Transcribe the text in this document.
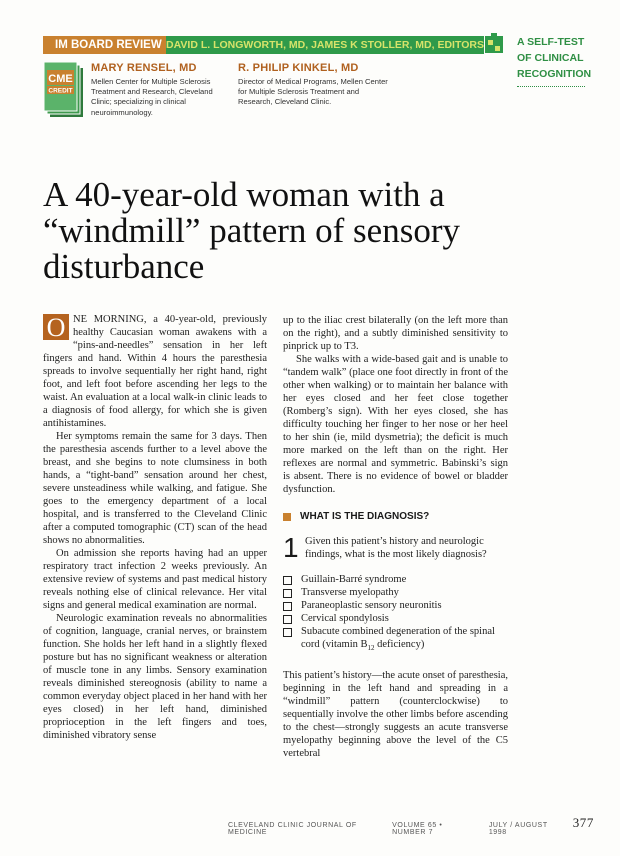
IM BOARD REVIEW DAVID L. LONGWORTH, MD, JAMES K STOLLER, MD, EDITORS	A SELF-TEST OF CLINICAL RECOGNITION
CME
CREDIT
MARY RENSEL, MD
Mellen Center for Multiple Sclerosis Treatment and Research, Cleveland Clinic; specializing in clinical neuroimmunology.
R. PHILIP KINKEL, MD
Director of Medical Programs, Mellen Center for Multiple Sclerosis Treatment and Research, Cleveland Clinic.
A 40-year-old woman with a “windmill” pattern of sensory disturbance

O NE MORNING, a 40-year-old, previously healthy Caucasian woman awakens with a “pins-and-needles” sensation in her left fingers and hand. Within 4 hours the paresthesia spreads to involve sequentially her right hand, right foot, and left foot before ascending her legs to the waist. An evaluation at a local walk-in clinic leads to a diagnosis of food allergy, for which she is given antihistamines.

Her symptoms remain the same for 3 days. Then the paresthesia ascends further to a level above the breast, and she begins to note clumsiness in both hands, a “tight-band” sensation around her chest, severe unsteadiness while walking, and fatigue. She goes to the emergency department of a local hospital, and is transferred to the Cleveland Clinic after a computed tomographic (CT) scan of the head shows no abnormalities.

On admission she reports having had an upper respiratory tract infection 2 weeks previously. An extensive review of systems and past medical history reveals nothing else of clinical relevance. Her vital signs and general medical examination are normal.

Neurologic examination reveals no abnormalities of cognition, language, cranial nerves, or brainstem function. She holds her left hand in a slightly flexed posture but has no significant weakness or alteration of muscle tone in any limbs. Sensory examination reveals diminished stereognosis (ability to name a common everyday object placed in her hand with her eyes closed) in her left hand, diminished proprioception in the left fingers and toes, diminished vibratory sense

up to the iliac crest bilaterally (on the left more than on the right), and a subtly diminished sensitivity to pinprick up to T3.

She walks with a wide-based gait and is unable to “tandem walk” (place one foot directly in front of the other when walking) or to maintain her balance with her eyes closed and her feet close together (Romberg’s sign). With her eyes closed, she has difficulty touching her finger to her nose or her heel to her shin (ie, mild dysmetria); the deficit is much more marked on the left than on the right. Her reflexes are normal and symmetric. Babinski’s sign is absent. There is no evidence of bowel or bladder dysfunction.

WHAT IS THE DIAGNOSIS?
1 Given this patient’s history and neurologic findings, what is the most likely diagnosis?
Guillain-Barré syndrome
Transverse myelopathy
Paraneoplastic sensory neuronitis
Cervical spondylosis
Subacute combined degeneration of the spinal cord (vitamin $B_{12}$ deficiency)

This patient’s history—the acute onset of paresthesia, beginning in the left hand and spreading in a “windmill” pattern (counterclockwise) to sequentially involve the other limbs before ascending to the chest—strongly suggests an acute transverse myelopathy beginning above the level of the C5 vertebral

CLEVELAND CLINIC JOURNAL OF MEDICINE
VOLUME 65 • NUMBER 7
JULY / AUGUST 1998
377
